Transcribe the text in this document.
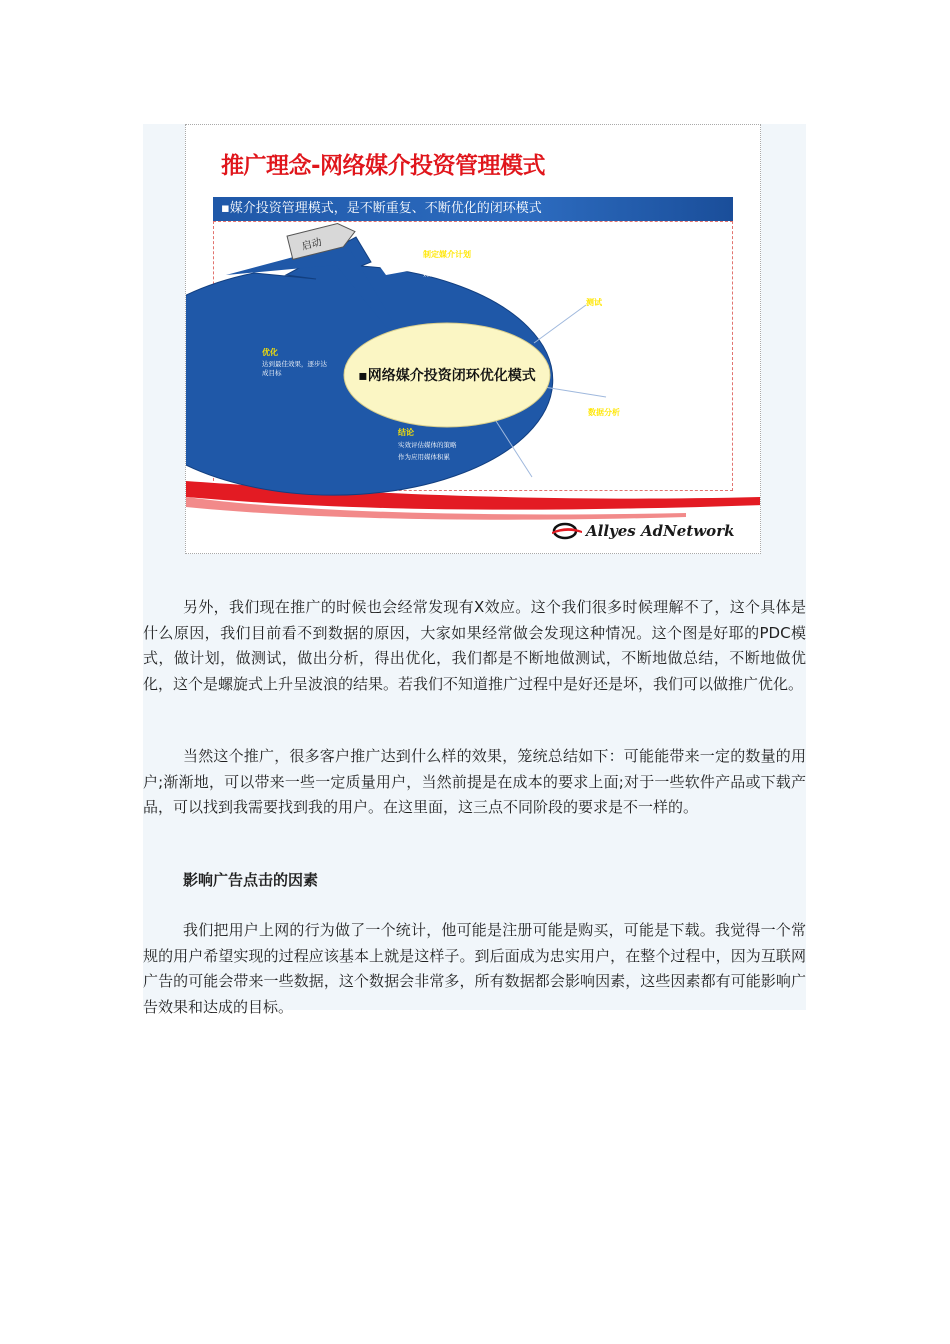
推广理念-网络媒介投资管理模式
▪媒介投资管理模式，是不断重复、不断优化的闭环模式
▪网络媒介投资闭环优化模式
启动
制定媒介计划
根据受众的接触点，作精妙的
媒介选择计划
测试
根据设定指标的ROI进化个
在站点内测试媒体实效
数据分析
根据监测结果分析
根据媒体评估指标
得出数据
调整推荐媒体
结论
实效评估媒体的策略
作为应用媒体积累
优化
达到最佳效果，逐步达
成目标
Allyes AdNetwork

另外，我们现在推广的时候也会经常发现有X效应。这个我们很多时候理解不了，这个具体是什么原因，我们目前看不到数据的原因，大家如果经常做会发现这种情况。这个图是好耶的PDC模式，做计划，做测试，做出分析，得出优化，我们都是不断地做测试，不断地做总结，不断地做优化，这个是螺旋式上升呈波浪的结果。若我们不知道推广过程中是好还是坏，我们可以做推广优化。

当然这个推广，很多客户推广达到什么样的效果，笼统总结如下：可能能带来一定的数量的用户;渐渐地，可以带来一些一定质量用户，当然前提是在成本的要求上面;对于一些软件产品或下载产品，可以找到我需要找到我的用户。在这里面，这三点不同阶段的要求是不一样的。

影响广告点击的因素

我们把用户上网的行为做了一个统计，他可能是注册可能是购买，可能是下载。我觉得一个常规的用户希望实现的过程应该基本上就是这样子。到后面成为忠实用户，在整个过程中，因为互联网广告的可能会带来一些数据，这个数据会非常多，所有数据都会影响因素，这些因素都有可能影响广告效果和达成的目标。
